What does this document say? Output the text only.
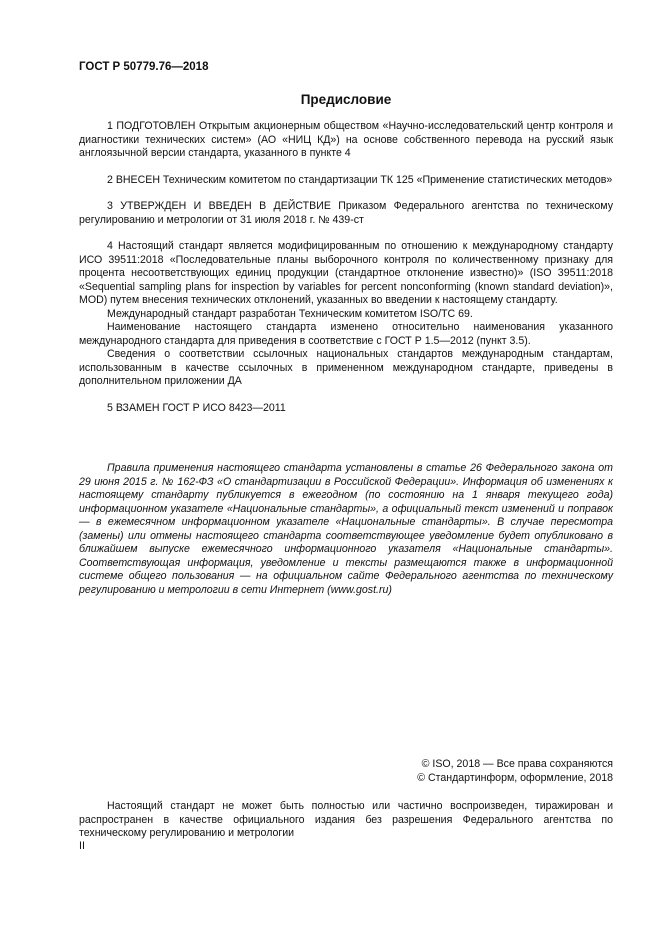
ГОСТ Р 50779.76—2018
Предисловие

1 ПОДГОТОВЛЕН Открытым акционерным обществом «Научно-исследовательский центр контроля и диагностики технических систем» (АО «НИЦ КД») на основе собственного перевода на русский язык англоязычной версии стандарта, указанного в пункте 4

2 ВНЕСЕН Техническим комитетом по стандартизации ТК 125 «Применение статистических методов»

3 УТВЕРЖДЕН И ВВЕДЕН В ДЕЙСТВИЕ Приказом Федерального агентства по техническому регулированию и метрологии от 31 июля 2018 г. № 439-ст

4 Настоящий стандарт является модифицированным по отношению к международному стандарту ИСО 39511:2018 «Последовательные планы выборочного контроля по количественному признаку для процента несоответствующих единиц продукции (стандартное отклонение известно)» (ISO 39511:2018 «Sequential sampling plans for inspection by variables for percent nonconforming (known standard deviation)», MOD) путем внесения технических отклонений, указанных во введении к настоящему стандарту.

Международный стандарт разработан Техническим комитетом ISO/TC 69.

Наименование настоящего стандарта изменено относительно наименования указанного международного стандарта для приведения в соответствие с ГОСТ Р 1.5—2012 (пункт 3.5).

Сведения о соответствии ссылочных национальных стандартов международным стандартам, использованным в качестве ссылочных в примененном международном стандарте, приведены в дополнительном приложении ДА

5 ВЗАМЕН ГОСТ Р ИСО 8423—2011

Правила применения настоящего стандарта установлены в статье 26 Федерального закона от 29 июня 2015 г. № 162-ФЗ «О стандартизации в Российской Федерации». Информация об изменениях к настоящему стандарту публикуется в ежегодном (по состоянию на 1 января текущего года) информационном указателе «Национальные стандарты», а официальный текст изменений и поправок — в ежемесячном информационном указателе «Национальные стандарты». В случае пересмотра (замены) или отмены настоящего стандарта соответствующее уведомление будет опубликовано в ближайшем выпуске ежемесячного информационного указателя «Национальные стандарты». Соответствующая информация, уведомление и тексты размещаются также в информационной системе общего пользования — на официальном сайте Федерального агентства по техническому регулированию и метрологии в сети Интернет (www.gost.ru)

© ISO, 2018 — Все права сохраняются
© Стандартинформ, оформление, 2018

Настоящий стандарт не может быть полностью или частично воспроизведен, тиражирован и распространен в качестве официального издания без разрешения Федерального агентства по техническому регулированию и метрологии

II
